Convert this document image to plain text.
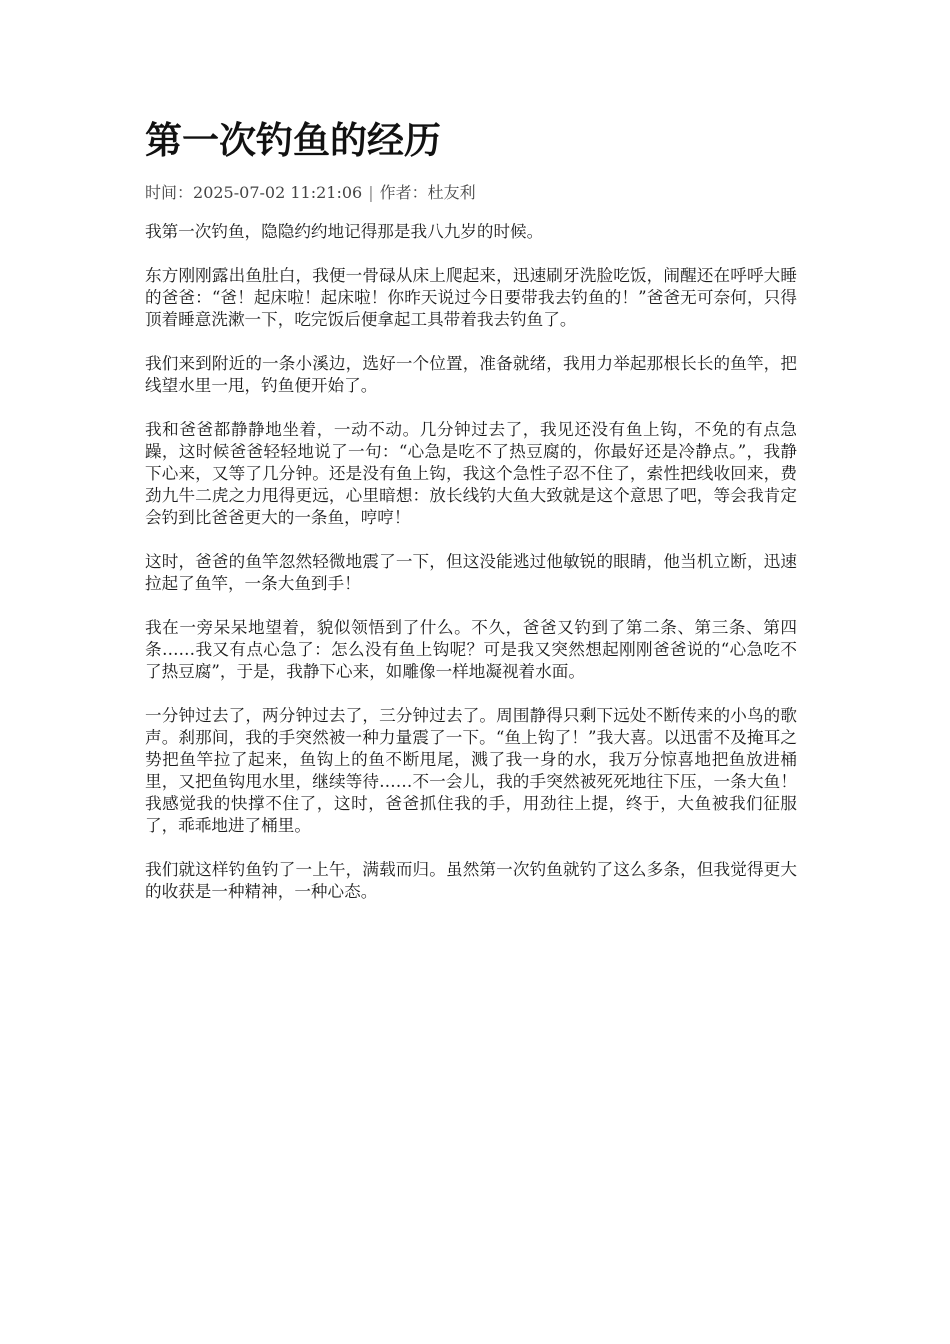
第一次钓鱼的经历
时间：2025-07-02 11:21:06 | 作者：杜友利

我第一次钓鱼，隐隐约约地记得那是我八九岁的时候。

东方刚刚露出鱼肚白，我便一骨碌从床上爬起来，迅速刷牙洗脸吃饭，闹醒还在呼呼大睡的爸爸：“爸！起床啦！起床啦！你昨天说过今日要带我去钓鱼的！”爸爸无可奈何，只得顶着睡意洗漱一下，吃完饭后便拿起工具带着我去钓鱼了。

我们来到附近的一条小溪边，选好一个位置，准备就绪，我用力举起那根长长的鱼竿，把线望水里一甩，钓鱼便开始了。

我和爸爸都静静地坐着，一动不动。几分钟过去了，我见还没有鱼上钩，不免的有点急躁，这时候爸爸轻轻地说了一句：“心急是吃不了热豆腐的，你最好还是冷静点。”，我静下心来，又等了几分钟。还是没有鱼上钩，我这个急性子忍不住了，索性把线收回来，费劲九牛二虎之力甩得更远，心里暗想：放长线钓大鱼大致就是这个意思了吧，等会我肯定会钓到比爸爸更大的一条鱼，哼哼！

这时，爸爸的鱼竿忽然轻微地震了一下，但这没能逃过他敏锐的眼睛，他当机立断，迅速拉起了鱼竿，一条大鱼到手！

我在一旁呆呆地望着，貌似领悟到了什么。不久，爸爸又钓到了第二条、第三条、第四条……我又有点心急了：怎么没有鱼上钩呢？可是我又突然想起刚刚爸爸说的“心急吃不了热豆腐”，于是，我静下心来，如雕像一样地凝视着水面。

一分钟过去了，两分钟过去了，三分钟过去了。周围静得只剩下远处不断传来的小鸟的歌声。刹那间，我的手突然被一种力量震了一下。“鱼上钩了！”我大喜。以迅雷不及掩耳之势把鱼竿拉了起来，鱼钩上的鱼不断甩尾，溅了我一身的水，我万分惊喜地把鱼放进桶里，又把鱼钩甩水里，继续等待……不一会儿，我的手突然被死死地往下压，一条大鱼！我感觉我的快撑不住了，这时，爸爸抓住我的手，用劲往上提，终于，大鱼被我们征服了，乖乖地进了桶里。

我们就这样钓鱼钓了一上午，满载而归。虽然第一次钓鱼就钓了这么多条，但我觉得更大的收获是一种精神，一种心态。
